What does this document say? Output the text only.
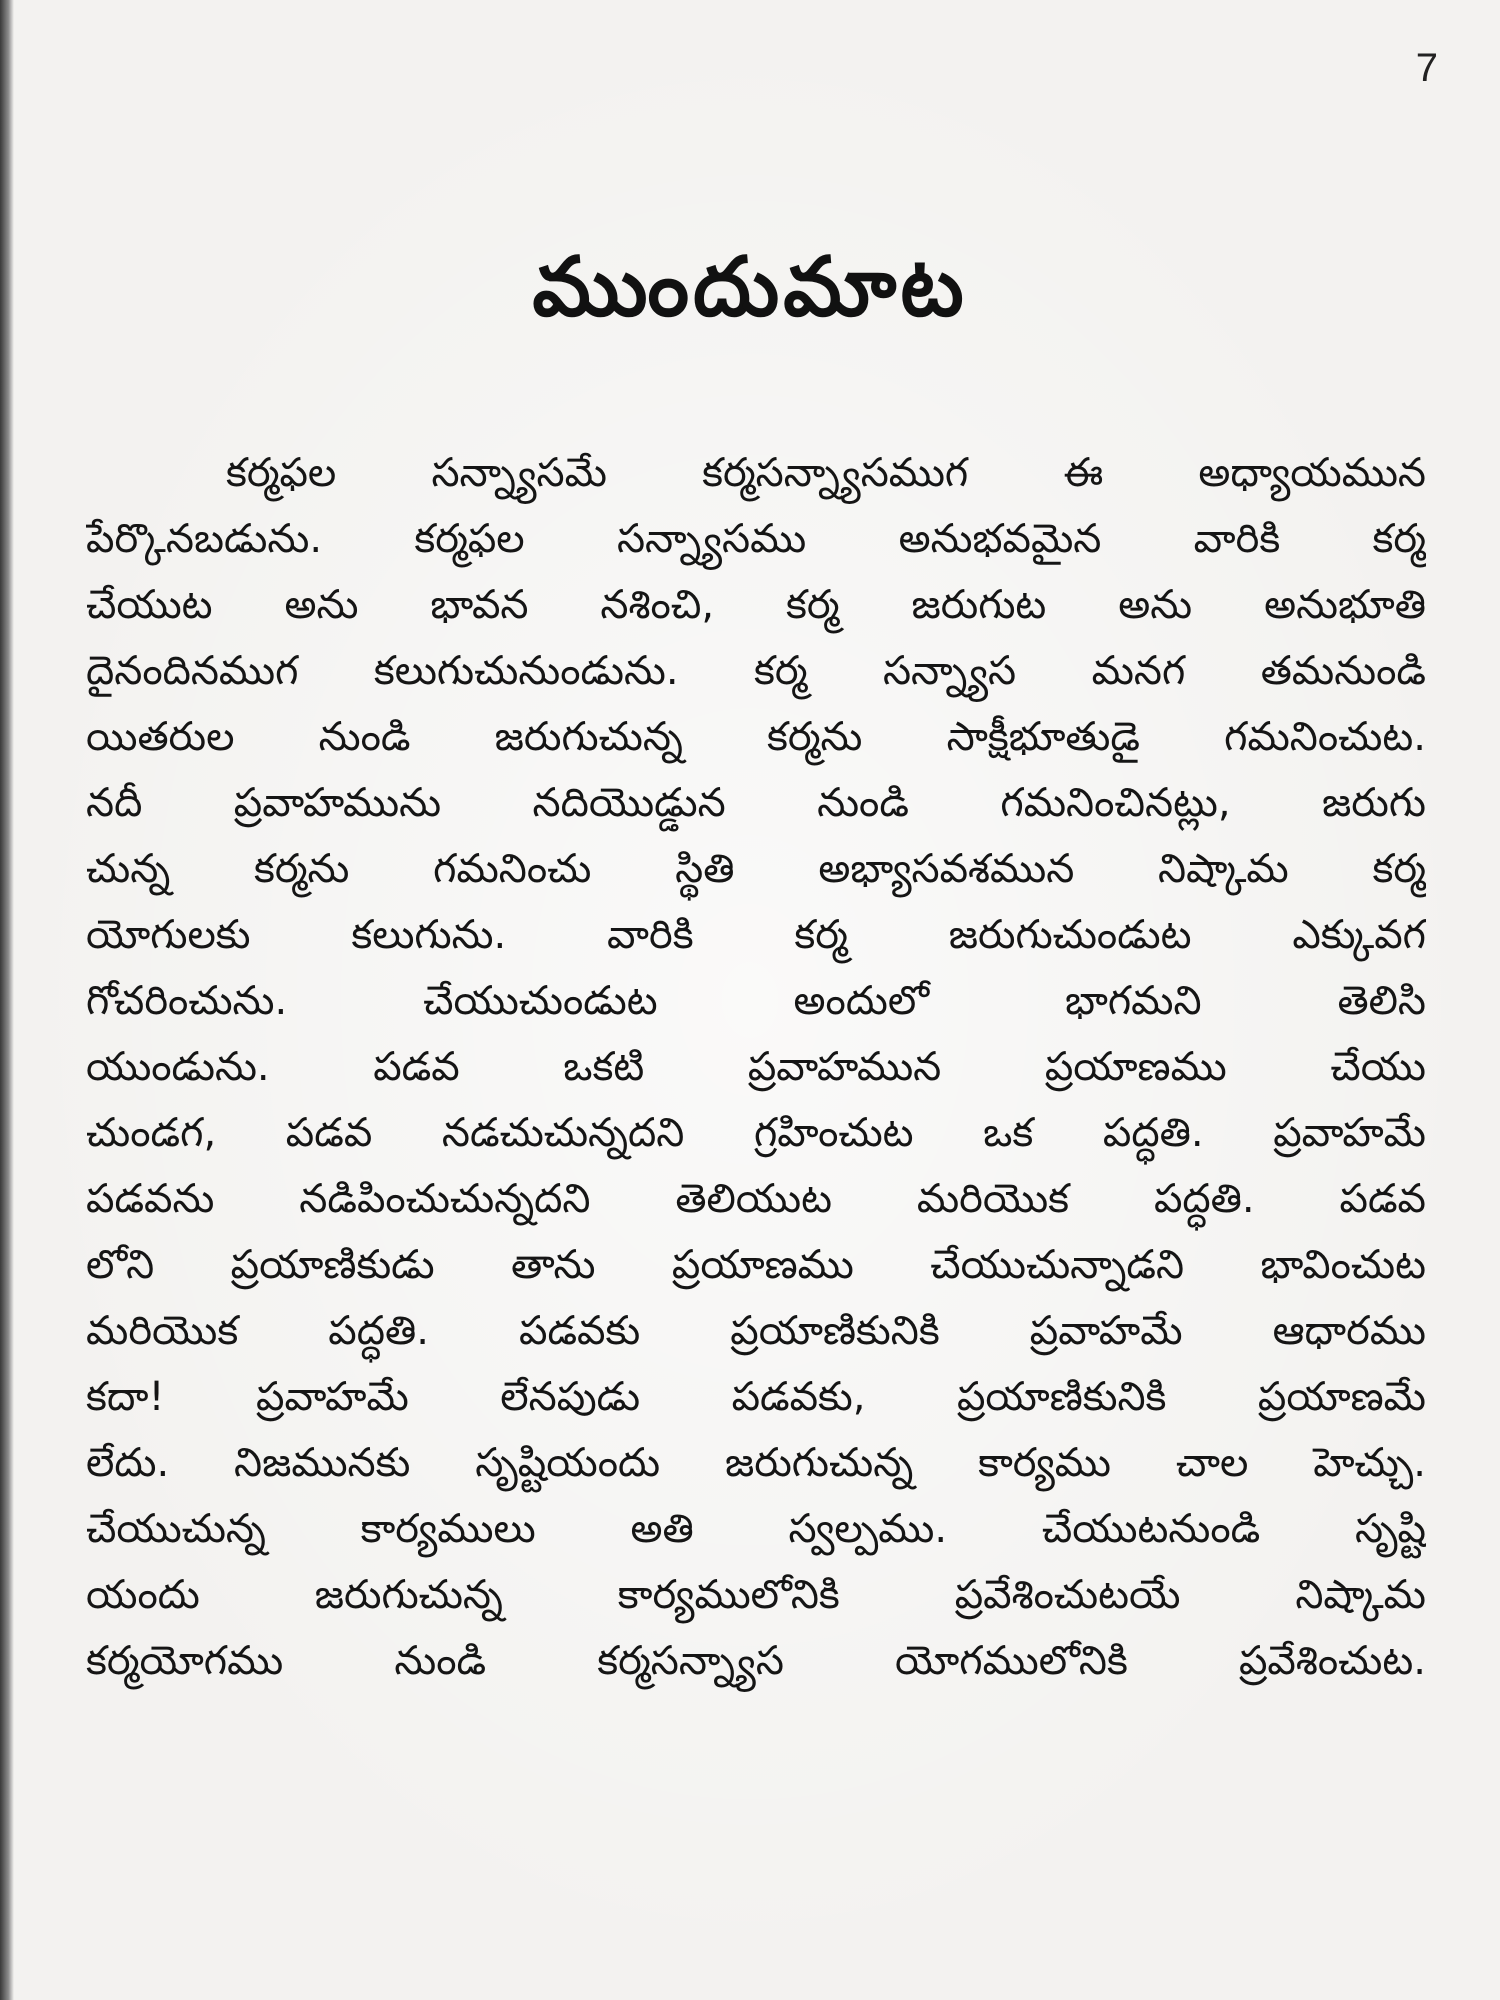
7
ముందుమాట
కర్మఫల సన్న్యాసమే కర్మసన్న్యాసముగ ఈ అధ్యాయమున
పేర్కొనబడును. కర్మఫల సన్న్యాసము అనుభవమైన వారికి కర్మ
చేయుట అను భావన నశించి, కర్మ జరుగుట అను అనుభూతి
దైనందినముగ కలుగుచునుండును. కర్మ సన్న్యాస మనగ తమనుండి
యితరుల నుండి జరుగుచున్న కర్మను సాక్షీభూతుడై గమనించుట.
నదీ ప్రవాహమును నదియొడ్డున నుండి గమనించినట్లు, జరుగు
చున్న కర్మను గమనించు స్థితి అభ్యాసవశమున నిష్కామ కర్మ
యోగులకు కలుగును. వారికి కర్మ జరుగుచుండుట ఎక్కువగ
గోచరించును. చేయుచుండుట అందులో భాగమని తెలిసి
యుండును. పడవ ఒకటి ప్రవాహమున ప్రయాణము చేయు
చుండగ, పడవ నడచుచున్నదని గ్రహించుట ఒక పద్ధతి. ప్రవాహమే
పడవను నడిపించుచున్నదని తెలియుట మరియొక పద్ధతి. పడవ
లోని ప్రయాణికుడు తాను ప్రయాణము చేయుచున్నాడని భావించుట
మరియొక పద్ధతి. పడవకు ప్రయాణికునికి ప్రవాహమే ఆధారము
కదా! ప్రవాహమే లేనపుడు పడవకు, ప్రయాణికునికి ప్రయాణమే
లేదు. నిజమునకు సృష్టియందు జరుగుచున్న కార్యము చాల హెచ్చు.
చేయుచున్న కార్యములు అతి స్వల్పము. చేయుటనుండి సృష్టి
యందు జరుగుచున్న కార్యములోనికి ప్రవేశించుటయే నిష్కామ
కర్మయోగము నుండి కర్మసన్న్యాస యోగములోనికి ప్రవేశించుట.
